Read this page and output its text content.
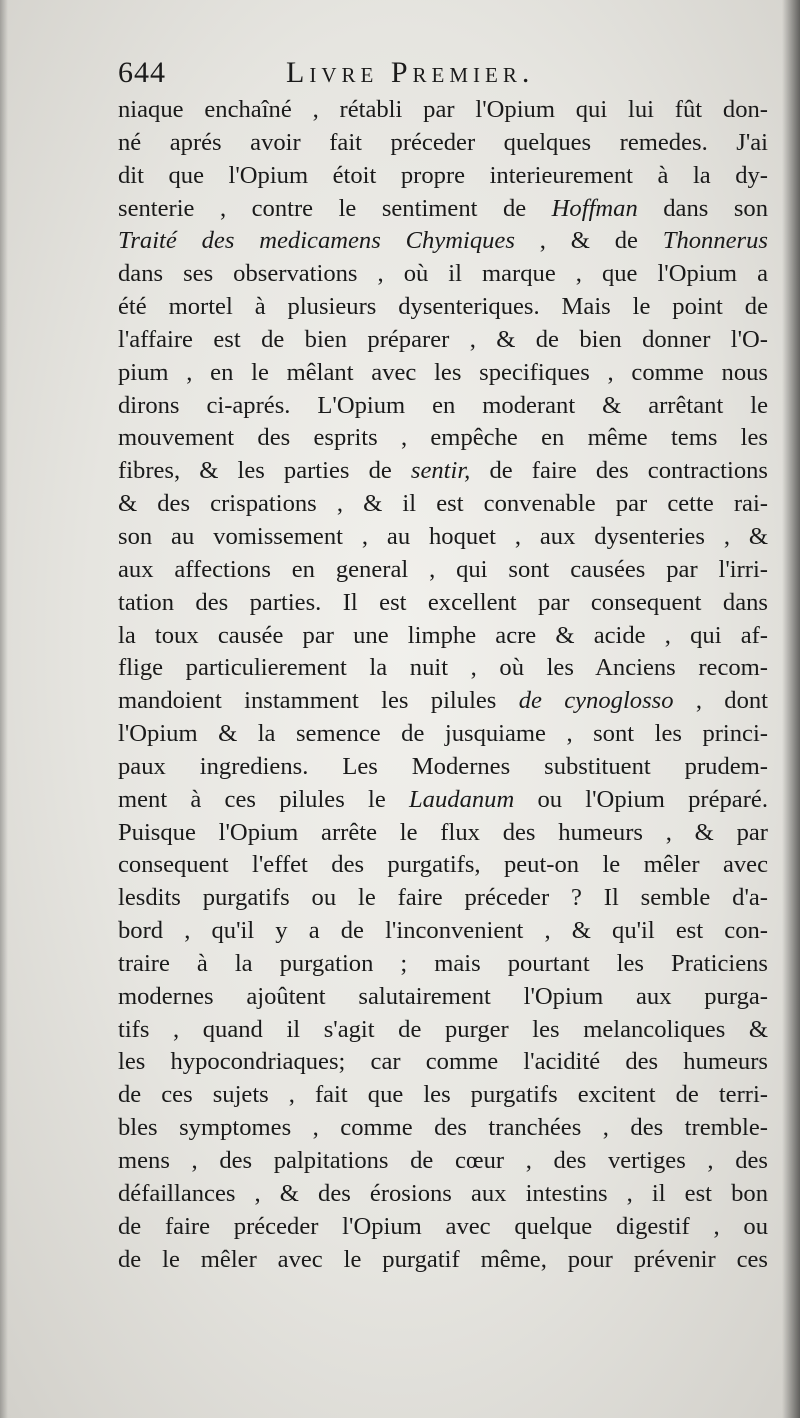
644	Livre Premier.
niaque enchaîné , rétabli par l'Opium qui lui fût don-
né aprés avoir fait préceder quelques remedes. J'ai
dit que l'Opium étoit propre interieurement à la dy-
senterie , contre le sentiment de Hoffman dans son
Traité des medicamens Chymiques , & de Thonnerus
dans ses observations , où il marque , que l'Opium a
été mortel à plusieurs dysenteriques. Mais le point de
l'affaire est de bien préparer , & de bien donner l'O-
pium , en le mêlant avec les specifiques , comme nous
dirons ci-aprés. L'Opium en moderant & arrêtant le
mouvement des esprits , empêche en même tems les
fibres, & les parties de sentir, de faire des contractions
& des crispations , & il est convenable par cette rai-
son au vomissement , au hoquet , aux dysenteries , &
aux affections en general , qui sont causées par l'irri-
tation des parties. Il est excellent par consequent dans
la toux causée par une limphe acre & acide , qui af-
flige particulierement la nuit , où les Anciens recom-
mandoient instamment les pilules de cynoglosso , dont
l'Opium & la semence de jusquiame , sont les princi-
paux ingrediens. Les Modernes substituent prudem-
ment à ces pilules le Laudanum ou l'Opium préparé.
Puisque l'Opium arrête le flux des humeurs , & par
consequent l'effet des purgatifs, peut-on le mêler avec
lesdits purgatifs ou le faire préceder ? Il semble d'a-
bord , qu'il y a de l'inconvenient , & qu'il est con-
traire à la purgation ; mais pourtant les Praticiens
modernes ajoûtent salutairement l'Opium aux purga-
tifs , quand il s'agit de purger les melancoliques &
les hypocondriaques; car comme l'acidité des humeurs
de ces sujets , fait que les purgatifs excitent de terri-
bles symptomes , comme des tranchées , des tremble-
mens , des palpitations de cœur , des vertiges , des
défaillances , & des érosions aux intestins , il est bon
de faire préceder l'Opium avec quelque digestif , ou
de le mêler avec le purgatif même, pour prévenir ces
